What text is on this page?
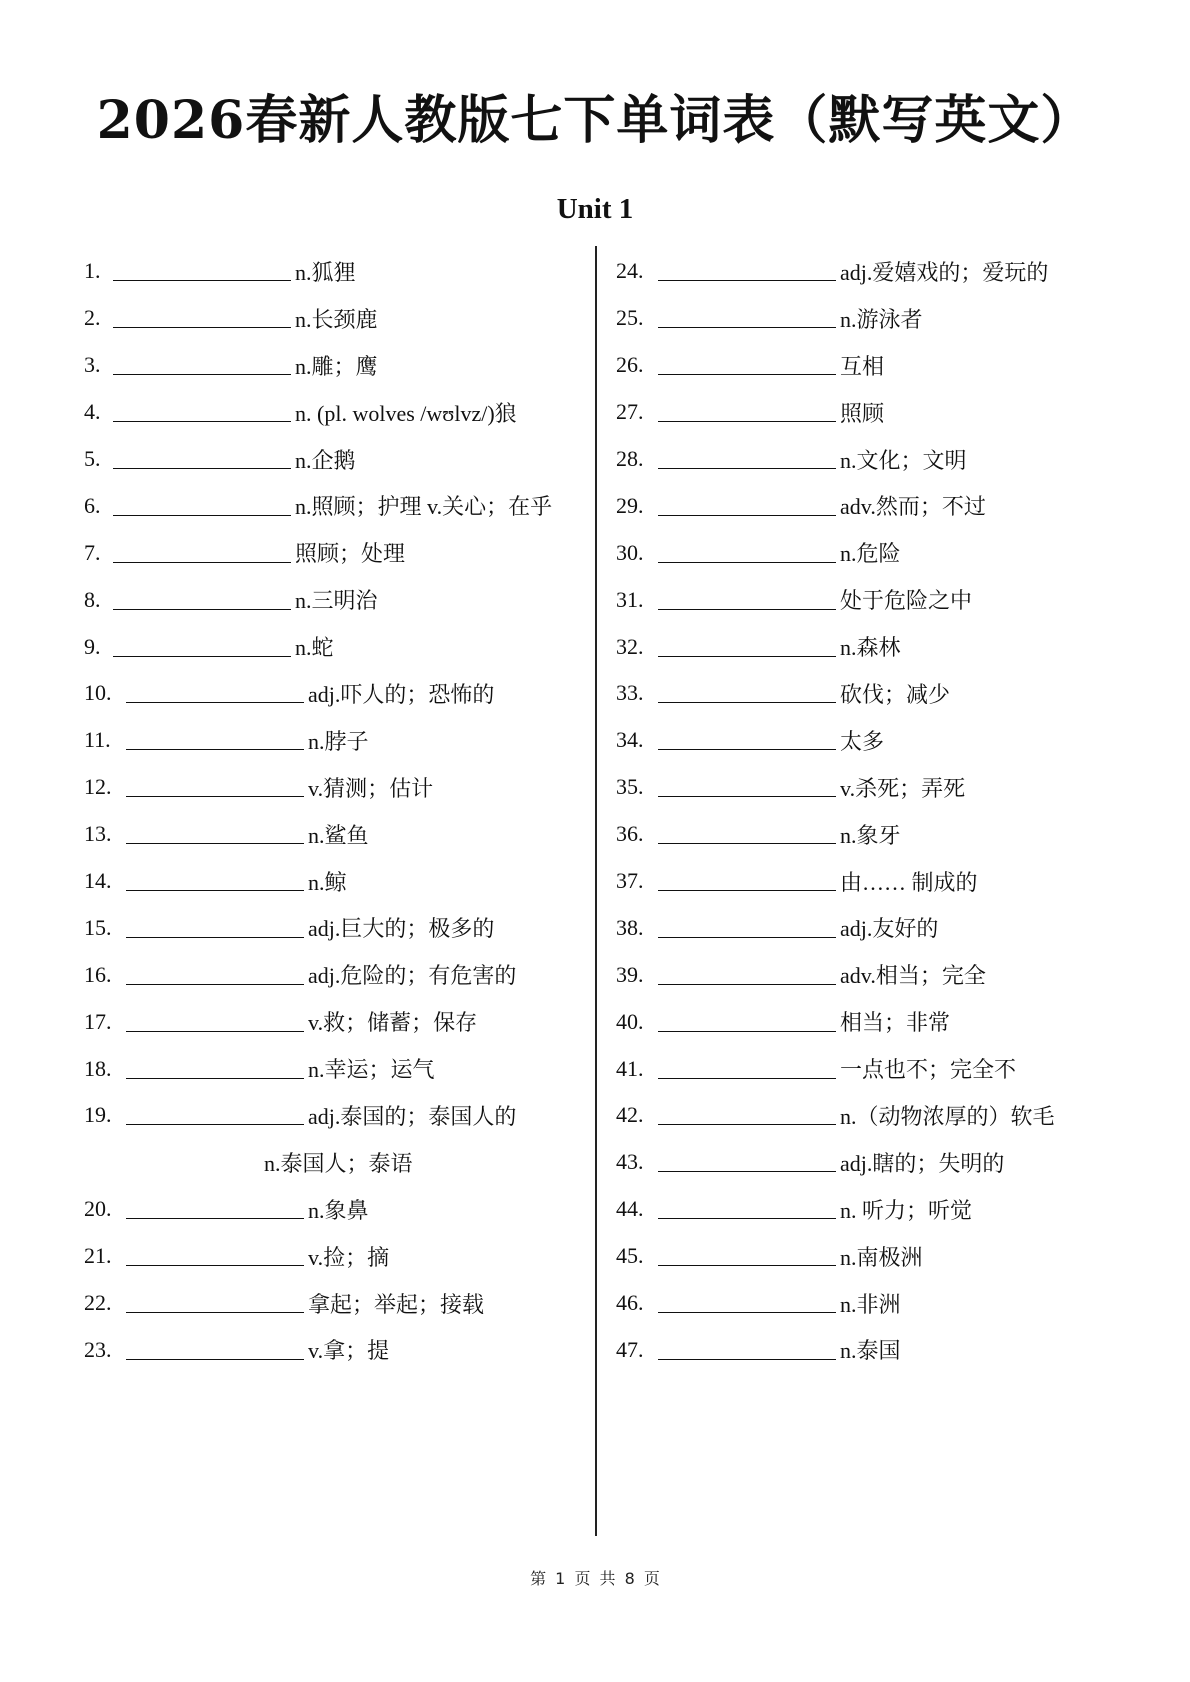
2026春新人教版七下单词表（默写英文）
Unit 1
1.	n.狐狸
2.	n.长颈鹿
3.	n.雕；鹰
4.	n. (pl. wolves /wʊlvz/)狼
5.	n.企鹅
6.	n.照顾；护理 v.关心；在乎
7.	照顾；处理
8.	n.三明治
9.	n.蛇
10.	adj.吓人的；恐怖的
11.	n.脖子
12.	v.猜测；估计
13.	n.鲨鱼
14.	n.鲸
15.	adj.巨大的；极多的
16.	adj.危险的；有危害的
17.	v.救；储蓄；保存
18.	n.幸运；运气
19.	adj.泰国的；泰国人的
n.泰国人；泰语
20.	n.象鼻
21.	v.捡；摘
22.	拿起；举起；接载
23.	v.拿；提
24.	adj.爱嬉戏的；爱玩的
25.	n.游泳者
26.	互相
27.	照顾
28.	n.文化；文明
29.	adv.然而；不过
30.	n.危险
31.	处于危险之中
32.	n.森林
33.	砍伐；减少
34.	太多
35.	v.杀死；弄死
36.	n.象牙
37.	由…… 制成的
38.	adj.友好的
39.	adv.相当；完全
40.	相当；非常
41.	一点也不；完全不
42.	n.（动物浓厚的）软毛
43.	adj.瞎的；失明的
44.	n. 听力；听觉
45.	n.南极洲
46.	n.非洲
47.	n.泰国
第 1 页 共 8 页
